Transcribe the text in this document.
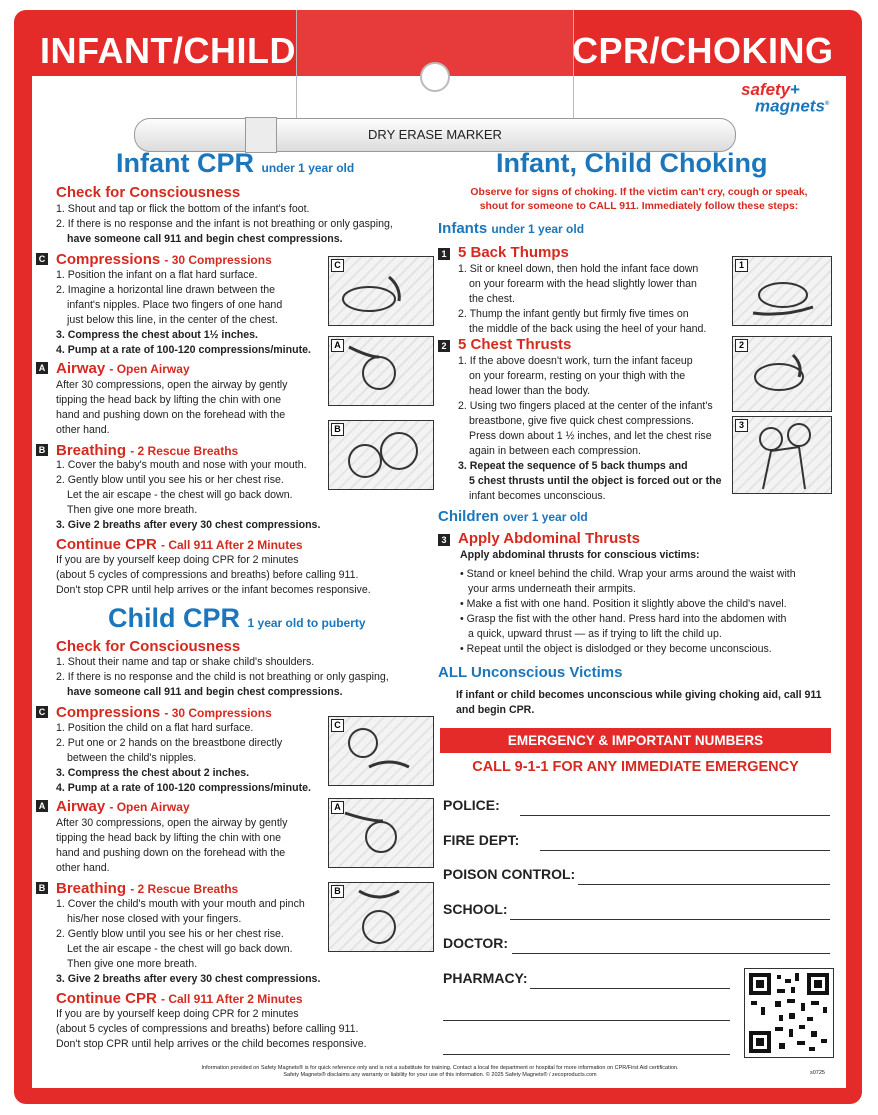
INFANT/CHILD	CPR/CHOKING
DRY ERASE MARKER
safety+
magnets®
Infant CPR under 1 year old
Check for Consciousness
1. Shout and tap or flick the bottom of the infant's foot.
2. If there is no response and the infant is not breathing or only gasping,
have someone call 911 and begin chest compressions.
C Compressions - 30 Compressions
1. Position the infant on a flat hard surface.
2. Imagine a horizontal line drawn between the
infant's nipples. Place two fingers of one hand
just below this line, in the center of the chest.
3. Compress the chest about 1½ inches.
4. Pump at a rate of 100-120 compressions/minute.
A Airway - Open Airway
After 30 compressions, open the airway by gently
tipping the head back by lifting the chin with one
hand and pushing down on the forehead with the
other hand.
B Breathing - 2 Rescue Breaths
1. Cover the baby's mouth and nose with your mouth.
2. Gently blow until you see his or her chest rise.
Let the air escape - the chest will go back down.
Then give one more breath.
3. Give 2 breaths after every 30 chest compressions.
Continue CPR - Call 911 After 2 Minutes
If you are by yourself keep doing CPR for 2 minutes
(about 5 cycles of compressions and breaths) before calling 911.
Don't stop CPR until help arrives or the infant becomes responsive.
Child CPR 1 year old to puberty
Check for Consciousness
1. Shout their name and tap or shake child's shoulders.
2. If there is no response and the child is not breathing or only gasping,
have someone call 911 and begin chest compressions.
C Compressions - 30 Compressions
1. Position the child on a flat hard surface.
2. Put one or 2 hands on the breastbone directly
between the child's nipples.
3. Compress the chest about 2 inches.
4. Pump at a rate of 100-120 compressions/minute.
A Airway - Open Airway
After 30 compressions, open the airway by gently
tipping the head back by lifting the chin with one
hand and pushing down on the forehead with the
other hand.
B Breathing - 2 Rescue Breaths
1. Cover the child's mouth with your mouth and pinch
his/her nose closed with your fingers.
2. Gently blow until you see his or her chest rise.
Let the air escape - the chest will go back down.
Then give one more breath.
3. Give 2 breaths after every 30 chest compressions.
Continue CPR - Call 911 After 2 Minutes
If you are by yourself keep doing CPR for 2 minutes
(about 5 cycles of compressions and breaths) before calling 911.
Don't stop CPR until help arrives or the child becomes responsive.
C
A
B
C
A
B
Infant, Child Choking
Observe for signs of choking. If the victim can't cry, cough or speak,
shout for someone to CALL 911. Immediately follow these steps:
Infants under 1 year old
1 5 Back Thumps
1. Sit or kneel down, then hold the infant face down
on your forearm with the head slightly lower than
the chest.
2. Thump the infant gently but firmly five times on
the middle of the back using the heel of your hand.
2 5 Chest Thrusts
1. If the above doesn't work, turn the infant faceup
on your forearm, resting on your thigh with the
head lower than the body.
2. Using two fingers placed at the center of the infant's
breastbone, give five quick chest compressions.
Press down about 1 ½ inches, and let the chest rise
again in between each compression.
3. Repeat the sequence of 5 back thumps and
5 chest thrusts until the object is forced out or the
infant becomes unconscious.
Children over 1 year old
3 Apply Abdominal Thrusts
Apply abdominal thrusts for conscious victims:
• Stand or kneel behind the child. Wrap your arms around the waist with
your arms underneath their armpits.
• Make a fist with one hand. Position it slightly above the child's navel.
• Grasp the fist with the other hand. Press hard into the abdomen with
a quick, upward thrust — as if trying to lift the child up.
• Repeat until the object is dislodged or they become unconscious.
ALL Unconscious Victims
If infant or child becomes unconscious while giving choking aid, call 911
and begin CPR.
1
2
3
EMERGENCY & IMPORTANT NUMBERS
CALL 9-1-1 FOR ANY IMMEDIATE EMERGENCY
POLICE:
FIRE DEPT:
POISON CONTROL:
SCHOOL:
DOCTOR:
PHARMACY:
Information provided on Safety Magnets® is for quick reference only and is not a substitute for training. Contact a local fire department or hospital for more information on CPR/First Aid certification.
Safety Magnets® disclaims any warranty or liability for your use of this information. © 2025 Safety Magnets® / zecoproducts.com	s0725
